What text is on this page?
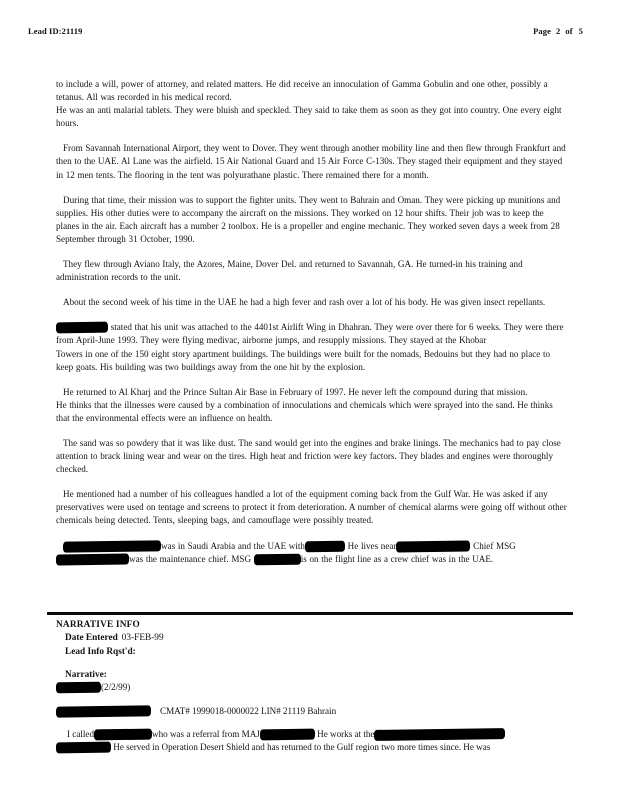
Lead ID:21119	Page 2 of 5

to include a will, power of attorney, and related matters. He did receive an innoculation of Gamma Gobulin and one other, possibly a tetanus. All was recorded in his medical record.

He was an anti malarial tablets. They were bluish and speckled. They said to take them as soon as they got into country. One every eight hours.

From Savannah International Airport, they went to Dover. They went through another mobility line and then flew through Frankfurt and then to the UAE. Al Lane was the airfield. 15 Air National Guard and 15 Air Force C-130s. They staged their equipment and they stayed in 12 men tents. The flooring in the tent was polyurathane plastic. There remained there for a month.

During that time, their mission was to support the fighter units. They went to Bahrain and Oman. They were picking up munitions and supplies. His other duties were to accompany the aircraft on the missions. They worked on 12 hour shifts. Their job was to keep the planes in the air. Each aircraft has a number 2 toolbox. He is a propeller and engine mechanic. They worked seven days a week from 28 September through 31 October, 1990.

They flew through Aviano Italy, the Azores, Maine, Dover Del. and returned to Savannah, GA. He turned-in his training and administration records to the unit.

About the second week of his time in the UAE he had a high fever and rash over a lot of his body. He was given insect repellants.

stated that his unit was attached to the 4401st Airlift Wing in Dhahran. They were over there for 6 weeks. They were there from April-June 1993. They were flying medivac, airborne jumps, and resupply missions. They stayed at the Khobar

Towers in one of the 150 eight story apartment buildings. The buildings were built for the nomads, Bedouins but they had no place to keep goats. His building was two buildings away from the one hit by the explosion.

He returned to Al Kharj and the Prince Sultan Air Base in February of 1997. He never left the compound during that mission.

He thinks that the illnesses were caused by a combination of innoculations and chemicals which were sprayed into the sand. He thinks that the environmental effects were an influence on health.

The sand was so powdery that it was like dust. The sand would get into the engines and brake linings. The mechanics had to pay close attention to brack lining wear and wear on the tires. High heat and friction were key factors. They blades and engines were thoroughly checked.

He mentioned had a number of his colleagues handled a lot of the equipment coming back from the Gulf War. He was asked if any preservatives were used on tentage and screens to protect it from deterioration. A number of chemical alarms were going off without other chemicals being detected. Tents, sleeping bags, and camouflage were possibly treated.

was in Saudi Arabia and the UAE with	He lives near	Chief MSG
was the maintenance chief. MSG	is on the flight line as a crew chief was in the UAE.

NARRATIVE INFO
Date Entered 03-FEB-99
Lead Info Rqst'd:
Narrative:
(2/2/99)
CMAT# 1999018-0000022 LIN# 21119 Bahrain
I called	who was a referral from MAJ	He works at the
He served in Operation Desert Shield and has returned to the Gulf region two more times since. He was
